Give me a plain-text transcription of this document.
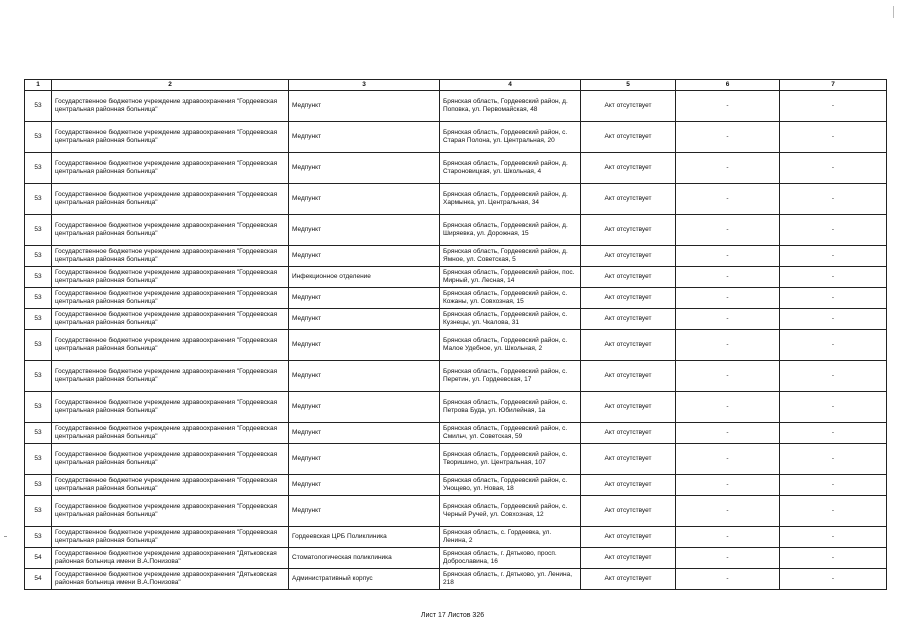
1	2	3	4	5	6	7
53	Государственное бюджетное учреждение здравоохранения "Гордеевская центральная районная больница"	Медпункт	Брянская область, Гордеевский район, д. Поповка, ул. Первомайская, 48	Акт отсутствует	-	-
53	Государственное бюджетное учреждение здравоохранения "Гордеевская центральная районная больница"	Медпункт	Брянская область, Гордеевский район, с. Старая Полона, ул. Центральная, 20	Акт отсутствует	-	-
53	Государственное бюджетное учреждение здравоохранения "Гордеевская центральная районная больница"	Медпункт	Брянская область, Гордеевский район, д. Староновицкая, ул. Школьная, 4	Акт отсутствует	-	-
53	Государственное бюджетное учреждение здравоохранения "Гордеевская центральная районная больница"	Медпункт	Брянская область, Гордеевский район, д. Хармынка, ул. Центральная, 34	Акт отсутствует	-	-
53	Государственное бюджетное учреждение здравоохранения "Гордеевская центральная районная больница"	Медпункт	Брянская область, Гордеевский район, д. Ширяевка, ул. Дорожная, 15	Акт отсутствует	-	-
53	Государственное бюджетное учреждение здравоохранения "Гордеевская центральная районная больница"	Медпункт	Брянская область, Гордеевский район, д. Ямное, ул. Советская, 5	Акт отсутствует	-	-
53	Государственное бюджетное учреждение здравоохранения "Гордеевская центральная районная больница"	Инфекционное отделение	Брянская область, Гордеевский район, пос. Мирный, ул. Лесная, 14	Акт отсутствует	-	-
53	Государственное бюджетное учреждение здравоохранения "Гордеевская центральная районная больница"	Медпункт	Брянская область, Гордеевский район, с. Кожаны, ул. Совхозная, 15	Акт отсутствует	-	-
53	Государственное бюджетное учреждение здравоохранения "Гордеевская центральная районная больница"	Медпункт	Брянская область, Гордеевский район, с. Кузнецы, ул. Чкалова, 31	Акт отсутствует	-	-
53	Государственное бюджетное учреждение здравоохранения "Гордеевская центральная районная больница"	Медпункт	Брянская область, Гордеевский район, с. Малое Удебное, ул. Школьная, 2	Акт отсутствует	-	-
53	Государственное бюджетное учреждение здравоохранения "Гордеевская центральная районная больница"	Медпункт	Брянская область, Гордеевский район, с. Перетин, ул. Гордеевская, 17	Акт отсутствует	-	-
53	Государственное бюджетное учреждение здравоохранения "Гордеевская центральная районная больница"	Медпункт	Брянская область, Гордеевский район, с. Петрова Буда, ул. Юбилейная, 1а	Акт отсутствует	-	-
53	Государственное бюджетное учреждение здравоохранения "Гордеевская центральная районная больница"	Медпункт	Брянская область, Гордеевский район, с. Смильч, ул. Советская, 59	Акт отсутствует	-	-
53	Государственное бюджетное учреждение здравоохранения "Гордеевская центральная районная больница"	Медпункт	Брянская область, Гордеевский район, с. Творишино, ул. Центральная, 107	Акт отсутствует	-	-
53	Государственное бюджетное учреждение здравоохранения "Гордеевская центральная районная больница"	Медпункт	Брянская область, Гордеевский район, с. Унощево, ул. Новая, 18	Акт отсутствует	-	-
53	Государственное бюджетное учреждение здравоохранения "Гордеевская центральная районная больница"	Медпункт	Брянская область, Гордеевский район, с. Черный Ручей, ул. Совхозная, 12	Акт отсутствует	-	-
53	Государственное бюджетное учреждение здравоохранения "Гордеевская центральная районная больница"	Гордеевская ЦРБ Поликлиника	Брянская область, с. Гордеевка, ул. Ленина, 2	Акт отсутствует	-	-
54	Государственное бюджетное учреждение здравоохранения "Дятьковская районная больница имени В.А.Понизова"	Стоматологическая поликлиника	Брянская область, г. Дятьково, просп. Доброславина, 16	Акт отсутствует	-	-
54	Государственное бюджетное учреждение здравоохранения "Дятьковская районная больница имени В.А.Понизова"	Административный корпус	Брянская область, г. Дятьково, ул. Ленина, 218	Акт отсутствует	-	-
Лист 17 Листов 326
